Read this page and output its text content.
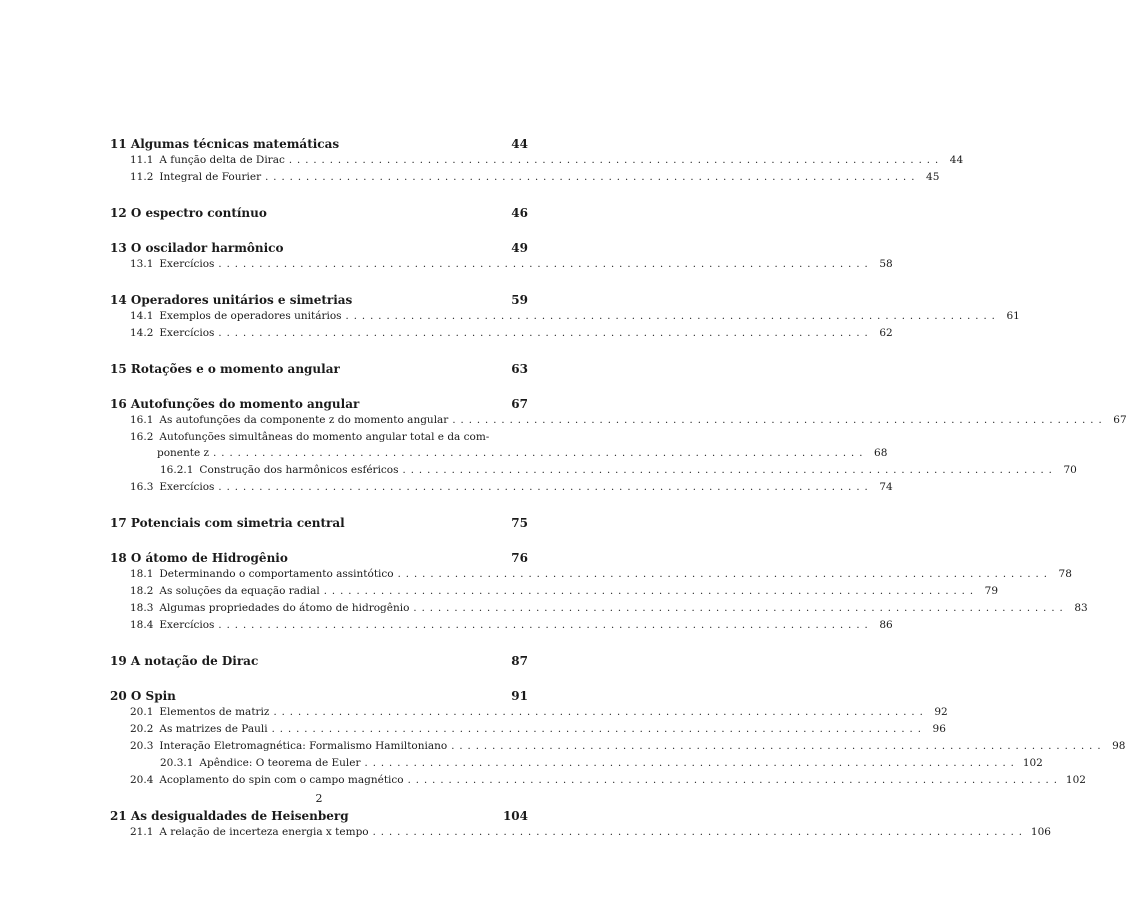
11 Algumas técnicas matemáticas	44
11.1 A função delta de Dirac ................................................................................ 44
11.2 Integral de Fourier ................................................................................ 45
12 O espectro contínuo	46
13 O oscilador harmônico	49
13.1 Exercícios ................................................................................ 58
14 Operadores unitários e simetrias	59
14.1 Exemplos de operadores unitários ................................................................................ 61
14.2 Exercícios ................................................................................ 62
15 Rotações e o momento angular	63
16 Autofunções do momento angular	67
16.1 As autofunções da componente z do momento angular ................................................................................ 67
16.2 Autofunções simultâneas do momento angular total e da com-
ponente z ................................................................................ 68
16.2.1 Construção dos harmônicos esféricos ................................................................................ 70
16.3 Exercícios ................................................................................ 74
17 Potenciais com simetria central	75
18 O átomo de Hidrogênio	76
18.1 Determinando o comportamento assintótico ................................................................................ 78
18.2 As soluções da equação radial ................................................................................ 79
18.3 Algumas propriedades do átomo de hidrogênio ................................................................................ 83
18.4 Exercícios ................................................................................ 86
19 A notação de Dirac	87
20 O Spin	91
20.1 Elementos de matriz ................................................................................ 92
20.2 As matrizes de Pauli ................................................................................ 96
20.3 Interação Eletromagnética: Formalismo Hamiltoniano ................................................................................ 98
20.3.1 Apêndice: O teorema de Euler ................................................................................ 102
20.4 Acoplamento do spin com o campo magnético ................................................................................ 102
21 As desigualdades de Heisenberg	104
21.1 A relação de incerteza energia x tempo ................................................................................ 106
2
